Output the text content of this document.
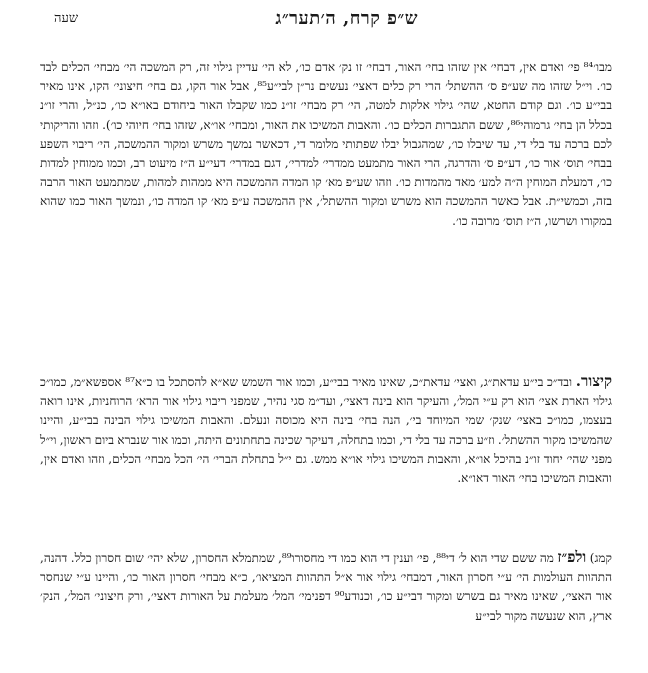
ש״פ קרח, ה׳תער״ג
שעה
מבו׳⁸⁴ פי׳ ואדם אין, דבחי׳ אין שזהו בחי׳ האור, דבחי׳ זו נק׳ אדם כו׳, לא הי׳ עדיין גילוי זה, רק המשכה הי׳ מבחי׳ הכלים לבד כו׳. וי״ל שזהו מה שע״פ ס׳ ההשתל׳ הרי רק כלים דאצי׳ נעשים נר״ן לבי״ע⁸⁵, אבל אור הקו, גם בחי׳ חיצוני׳ הקו, אינו מאיר בבי״ע כו׳. וגם קודם החטא, שהי׳ גילוי אלקות למטה, הי׳ רק מבחי׳ זו״נ כמו שקבלו האור ביחודם באו״א כו׳, כנ״ל, והרי זו״נ בכלל הן בחי׳ גרמוהי⁸⁶, ששם התגברות הכלים כו׳. והאבות המשיכו את האור, ומבחי׳ או״א, שזהו בחי׳ חיוהי כו׳). וזהו והריקותי לכם ברכה עד בלי די, עד שיבלו כו׳, שמהגבול יבלו שפתותי מלומר די, דכאשר נמשך משרש ומקור ההמשכה, הי׳ ריבוי השפע בבחי׳ תוס׳ אור כו׳, דע״פ ס׳ והדרגה, הרי האור מתמעט ממדרי׳ למדרי׳, דגם במדרי׳ דעי״ע ה״ז מיעוט רב, וכמו ממוחין למדות כו׳, דמעלת המוחין ה״ה למע׳ מאד מהמדות כו׳. וזהו שע״פ מא׳ קו המדה ההמשכה היא ממהות למהות, שמתמעט האור הרבה בזה, וכמשי״ת. אבל כאשר ההמשכה הוא משרש ומקור ההשתל׳, אין ההמשכה ע״פ מא׳ קו המדה כו׳, ונמשך האור כמו שהוא במקורו ושרשו, ה״ז תוס׳ מרובה כו׳.
קיצור. ובד״כ בי״ע עדאת״ג, ואצי׳ עדאת״כ, שאינו מאיר בבי״ע, וכמו אור השמש שא״א להסתכל בו כ״א⁸⁷ אספשא״מ, כמו״כ גילוי הארת אצי׳ הוא רק ע״י המל׳, והעיקר הוא בינה דאצי׳, ועד״מ סגי נהיר, שמפני ריבוי גילוי אור הרא׳ הרוחניות, אינו רואה בעצמו, כמו״כ באצי׳ שנק׳ שמי המיוחד בי׳, הנה בחי׳ בינה היא מכוסה ונעלם. והאבות המשיכו גילוי הבינה בבי״ע, והיינו שהמשיכו מקור ההשתל׳. וז״ע ברכה עד בלי די, וכמו בתחלה, דעיקר שכינה בתחתונים היתה, וכמו אור שנברא ביום ראשון, וי״ל מפני שהי׳ יחוד זו״נ בהיכל או״א, והאבות המשיכו גילוי או״א ממש. גם י״ל בתחלת הברי׳ הי׳ הכל מבחי׳ הכלים, וזהו ואדם אין, והאבות המשיכו בחי׳ האור דאו״א.
קמג) ולפ״ז מה ששם שדי הוא ל׳ די⁸⁸, פי׳ וענין די הוא כמו די מחסורו⁸⁹, שמתמלא החסרון, שלא יהי׳ שום חסרון כלל. דהנה, התהוות העולמות הי׳ ע״י חסרון האור, דמבחי׳ גילוי אור א״ל התהוות המציאו׳, כ״א מבחי׳ חסרון האור כו׳, והיינו ע״י שנחסר אור האצי׳, שאינו מאיר גם בשרש ומקור דבי״ע כו׳, וכנודע⁹⁰ דפנימי׳ המל׳ מעלמת על האורות דאצי׳, ורק חיצוני׳ המל׳, הנק׳ ארץ, הוא שנעשה מקור לבי״ע
